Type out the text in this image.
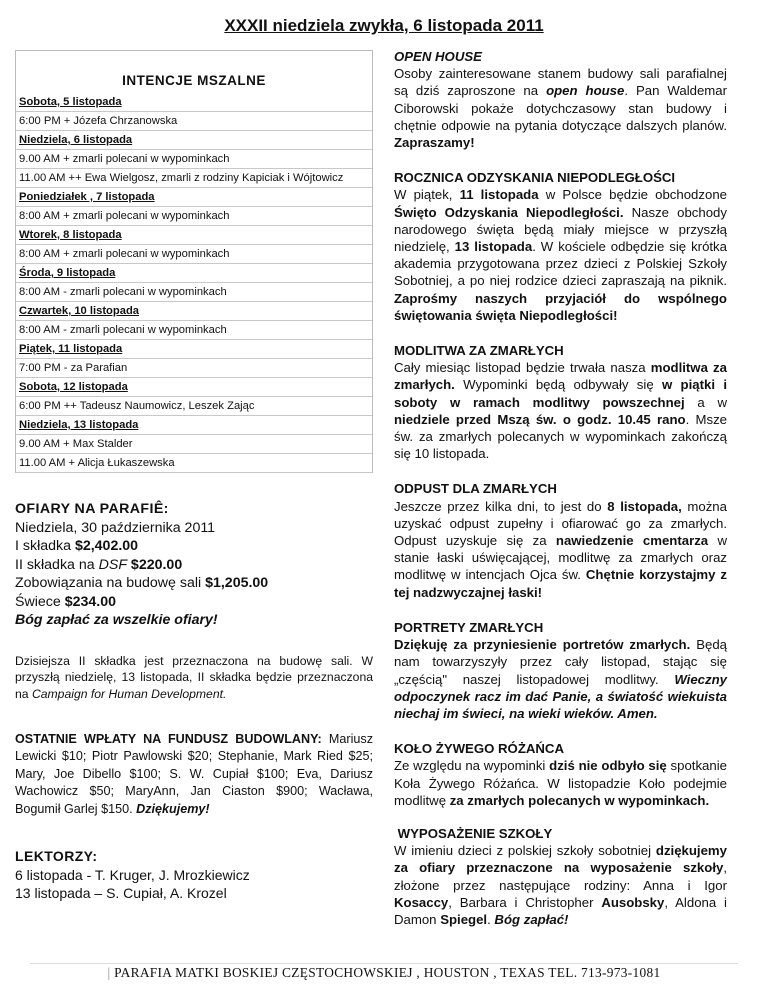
XXXII niedziela zwykła, 6 listopada 2011
INTENCJE MSZALNE
Sobota, 5 listopada
6:00 PM + Józefa Chrzanowska
Niedziela, 6 listopada
9.00 AM + zmarli polecani w wypominkach
11.00 AM ++ Ewa Wielgosz, zmarli z rodziny Kapiciak i Wójtowicz
Poniedziałek , 7 listopada
8:00 AM + zmarli polecani w wypominkach
Wtorek, 8 listopada
8:00 AM + zmarli polecani w wypominkach
Środa, 9 listopada
8:00 AM - zmarli polecani w wypominkach
Czwartek, 10 listopada
8:00 AM - zmarli polecani w wypominkach
Piątek, 11 listopada
7:00 PM - za Parafian
Sobota, 12 listopada
6:00 PM ++ Tadeusz Naumowicz, Leszek Zając
Niedziela, 13 listopada
9.00 AM + Max Stalder
11.00 AM + Alicja Łukaszewska
OFIARY NA PARAFIÊ:
Niedziela, 30 października 2011
I składka $2,402.00
II składka na DSF $220.00
Zobowiązania na budowę sali $1,205.00
Świece $234.00
Bóg zapłać za wszelkie ofiary!
Dzisiejsza II składka jest przeznaczona na budowę sali. W przyszłą niedzielę, 13 listopada, II składka będzie przeznaczona na Campaign for Human Development.
OSTATNIE WPŁATY NA FUNDUSZ BUDOWLANY: Mariusz Lewicki $10; Piotr Pawlowski $20; Stephanie, Mark Ried $25; Mary, Joe Dibello $100; S. W. Cupiał $100; Eva, Dariusz Wachowicz $50; MaryAnn, Jan Ciaston $900; Wacława, Bogumił Garlej $150. Dziękujemy!
LEKTORZY:
6 listopada - T. Kruger, J. Mrozkiewicz
13 listopada – S. Cupiał, A. Krozel
OPEN HOUSE
Osoby zainteresowane stanem budowy sali parafialnej są dziś zaproszone na open house. Pan Waldemar Ciborowski pokaże dotychczasowy stan budowy i chętnie odpowie na pytania dotyczące dalszych planów. Zapraszamy!
ROCZNICA ODZYSKANIA NIEPODLEGŁOŚCI
W piątek, 11 listopada w Polsce będzie obchodzone Święto Odzyskania Niepodległości. Nasze obchody narodowego święta będą miały miejsce w przyszłą niedzielę, 13 listopada. W kościele odbędzie się krótka akademia przygotowana przez dzieci z Polskiej Szkoły Sobotniej, a po niej rodzice dzieci zapraszają na piknik. Zaprośmy naszych przyjaciół do wspólnego świętowania święta Niepodległości!
MODLITWA ZA ZMARŁYCH
Cały miesiąc listopad będzie trwała nasza modlitwa za zmarłych. Wypominki będą odbywały się w piątki i soboty w ramach modlitwy powszechnej a w niedziele przed Mszą św. o godz. 10.45 rano. Msze św. za zmarłych polecanych w wypominkach zakończą się 10 listopada.
ODPUST DLA ZMARŁYCH
Jeszcze przez kilka dni, to jest do 8 listopada, można uzyskać odpust zupełny i ofiarować go za zmarłych. Odpust uzyskuje się za nawiedzenie cmentarza w stanie łaski uświęcającej, modlitwę za zmarłych oraz modlitwę w intencjach Ojca św. Chętnie korzystajmy z tej nadzwyczajnej łaski!
PORTRETY ZMARŁYCH
Dziękuję za przyniesienie portretów zmarłych. Będą nam towarzyszyły przez cały listopad, stając się „częścią" naszej listopadowej modlitwy. Wieczny odpoczynek racz im dać Panie, a światość wiekuista niechaj im świeci, na wieki wieków. Amen.
KOŁO ŻYWEGO RÓŻAŃCA
Ze względu na wypominki dziś nie odbyło się spotkanie Koła Żywego Różańca. W listopadzie Koło podejmie modlitwę za zmarłych polecanych w wypominkach.
WYPOSAŻENIE SZKOŁY
W imieniu dzieci z polskiej szkoły sobotniej dziękujemy za ofiary przeznaczone na wyposażenie szkoły, złożone przez następujące rodziny: Anna i Igor Kosaccy, Barbara i Christopher Ausobsky, Aldona i Damon Spiegel. Bóg zapłać!
| PARAFIA MATKI BOSKIEJ CZĘSTOCHOWSKIEJ , HOUSTON , TEXAS TEL. 713-973-1081
